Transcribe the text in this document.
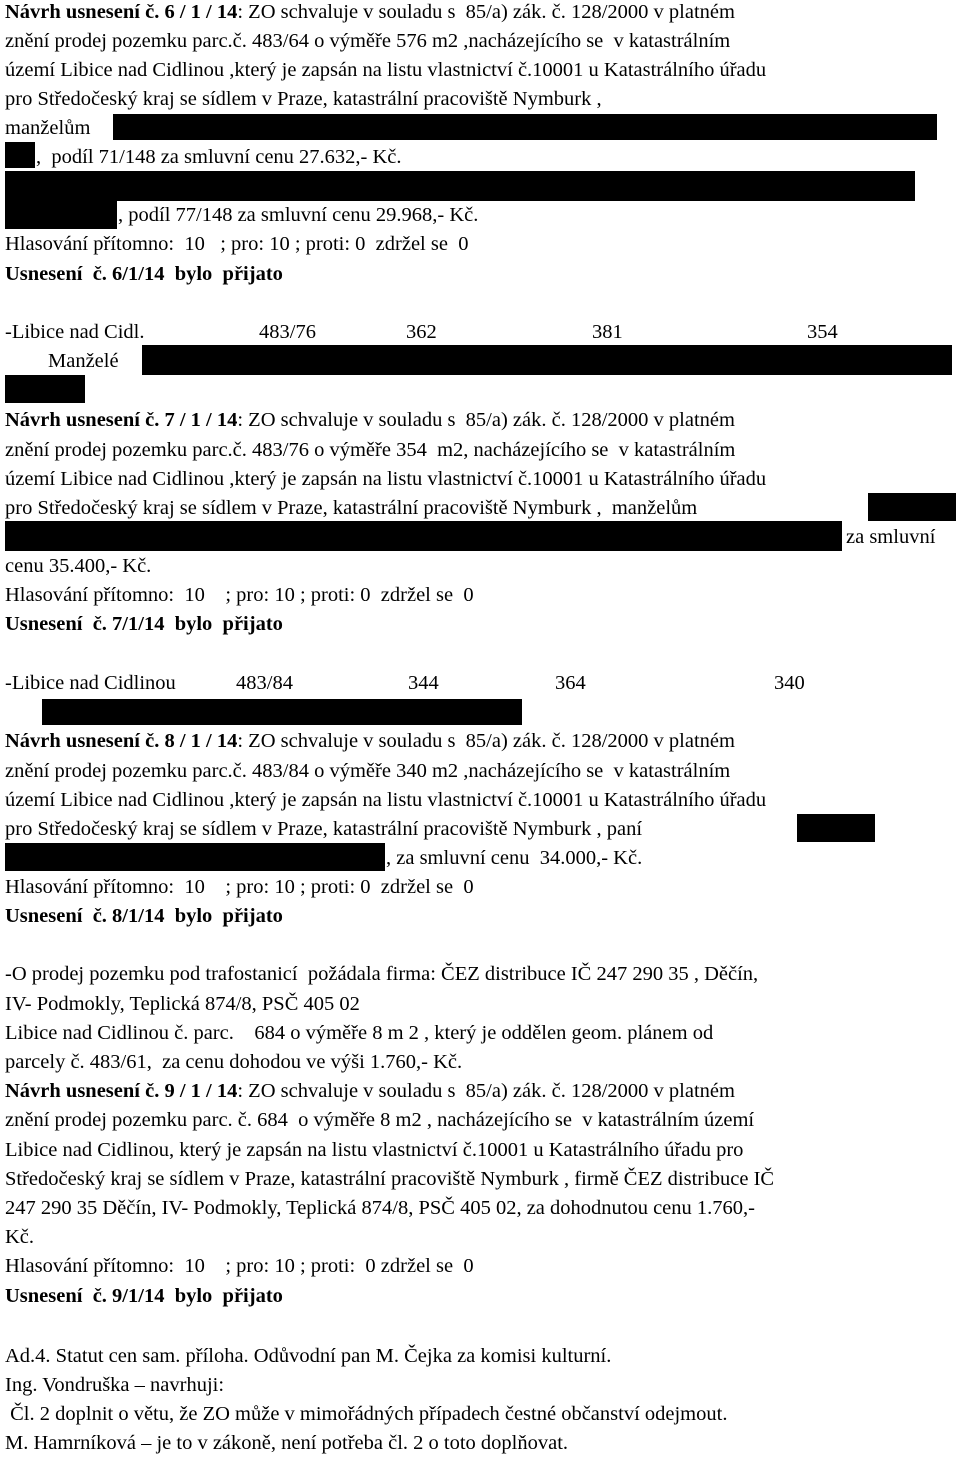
Návrh usnesení č. 6 / 1 / 14: ZO schvaluje v souladu s  85/a) zák. č. 128/2000 v platném
znění prodej pozemku parc.č. 483/64 o výměře 576 m2 ,nacházejícího se  v katastrálním
území Libice nad Cidlinou ,který je zapsán na listu vlastnictví č.10001 u Katastrálního úřadu
pro Středočeský kraj se sídlem v Praze, katastrální pracoviště Nymburk ,
manželům
,  podíl 71/148 za smluvní cenu 27.632,- Kč.
, podíl 77/148 za smluvní cenu 29.968,- Kč.
Hlasování přítomno:  10   ; pro: 10 ; proti: 0  zdržel se  0
Usnesení  č. 6/1/14  bylo  přijato
-Libice nad Cidl.	483/76	362	381	354
Manželé
Návrh usnesení č. 7 / 1 / 14: ZO schvaluje v souladu s  85/a) zák. č. 128/2000 v platném
znění prodej pozemku parc.č. 483/76 o výměře 354  m2, nacházejícího se  v katastrálním
území Libice nad Cidlinou ,který je zapsán na listu vlastnictví č.10001 u Katastrálního úřadu
pro Středočeský kraj se sídlem v Praze, katastrální pracoviště Nymburk ,  manželům
za smluvní
cenu 35.400,- Kč.
Hlasování přítomno:  10    ; pro: 10 ; proti: 0  zdržel se  0
Usnesení  č. 7/1/14  bylo  přijato
-Libice nad Cidlinou	483/84	344	364	340
Návrh usnesení č. 8 / 1 / 14: ZO schvaluje v souladu s  85/a) zák. č. 128/2000 v platném
znění prodej pozemku parc.č. 483/84 o výměře 340 m2 ,nacházejícího se  v katastrálním
území Libice nad Cidlinou ,který je zapsán na listu vlastnictví č.10001 u Katastrálního úřadu
pro Středočeský kraj se sídlem v Praze, katastrální pracoviště Nymburk , paní
, za smluvní cenu  34.000,- Kč.
Hlasování přítomno:  10    ; pro: 10 ; proti: 0  zdržel se  0
Usnesení  č. 8/1/14  bylo  přijato
-O prodej pozemku pod trafostanicí  požádala firma: ČEZ distribuce IČ 247 290 35 , Děčín,
IV- Podmokly, Teplická 874/8, PSČ 405 02
Libice nad Cidlinou č. parc.    684 o výměře 8 m 2 , který je oddělen geom. plánem od
parcely č. 483/61,  za cenu dohodou ve výši 1.760,- Kč.
Návrh usnesení č. 9 / 1 / 14: ZO schvaluje v souladu s  85/a) zák. č. 128/2000 v platném
znění prodej pozemku parc. č. 684  o výměře 8 m2 , nacházejícího se  v katastrálním území
Libice nad Cidlinou, který je zapsán na listu vlastnictví č.10001 u Katastrálního úřadu pro
Středočeský kraj se sídlem v Praze, katastrální pracoviště Nymburk , firmě ČEZ distribuce IČ
247 290 35 Děčín, IV- Podmokly, Teplická 874/8, PSČ 405 02, za dohodnutou cenu 1.760,-
Kč.
Hlasování přítomno:  10    ; pro: 10 ; proti:  0 zdržel se  0
Usnesení  č. 9/1/14  bylo  přijato
Ad.4. Statut cen sam. příloha. Odůvodní pan M. Čejka za komisi kulturní.
Ing. Vondruška – navrhuji:
Čl. 2 doplnit o větu, že ZO může v mimořádných případech čestné občanství odejmout.
M. Hamrníková – je to v zákoně, není potřeba čl. 2 o toto doplňovat.
